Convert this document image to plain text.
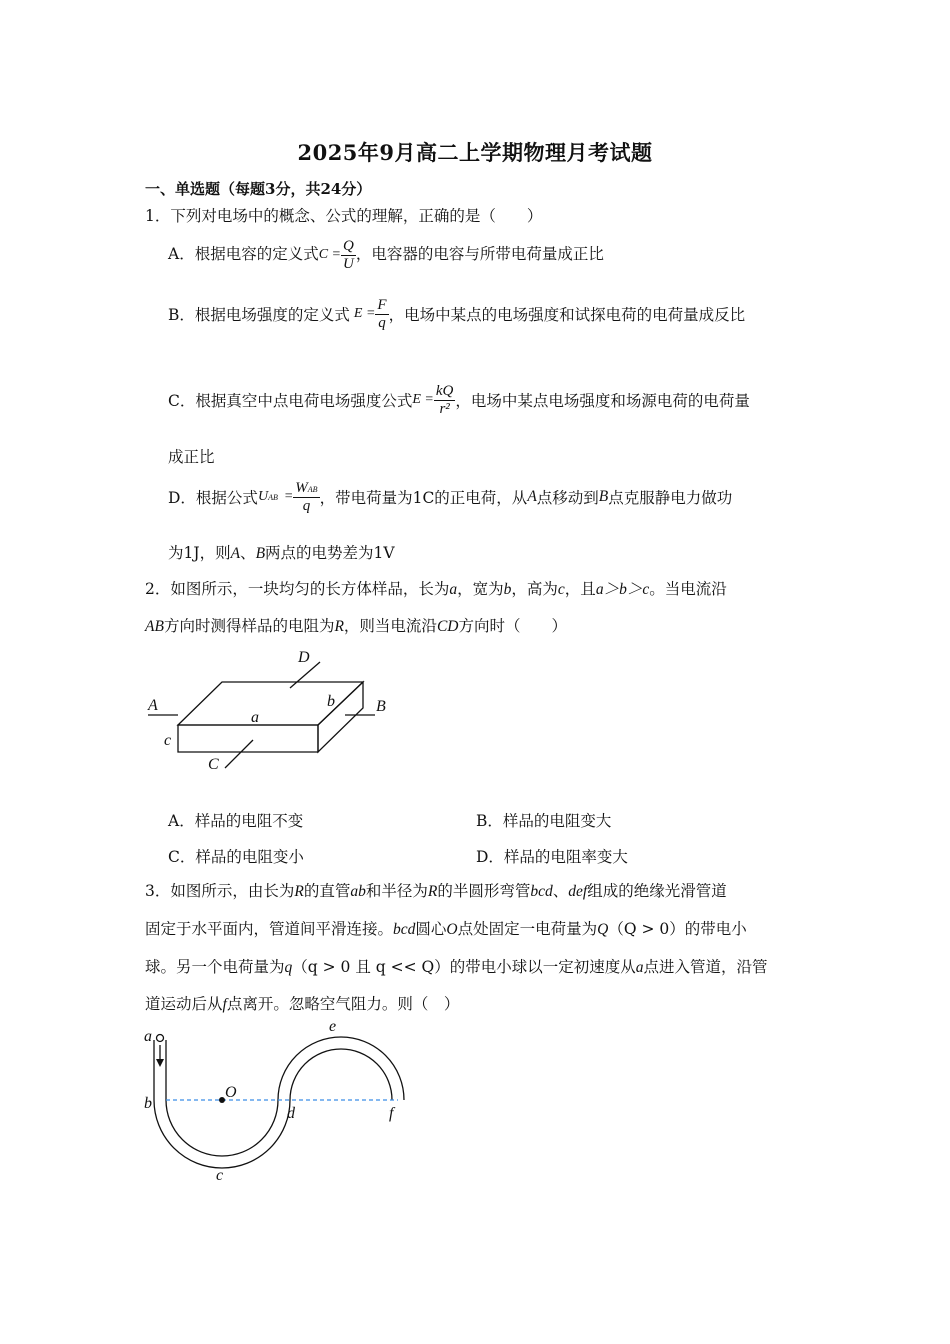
2025年9月高二上学期物理月考试题
一、单选题（每题3分，共24分）
1．下列对电场中的概念、公式的理解，正确的是（　　）
A．根据电容的定义式$C = \frac{Q}{U}$ ，电容器的电容与所带电荷量成正比
B．根据电场强度的定义式 $E = \frac{F}{q}$ ，电场中某点的电场强度和试探电荷的电荷量成反比
C．根据真空中点电荷电场强度公式$E = \frac{kQ}{\text{r²}}$ ，电场中某点电场强度和场源电荷的电荷量
成正比
D．根据公式UAB = $\frac{\text{WAB}}{q}$ ，带电荷量为1C的正电荷，从A点移动到B点克服静电力做功
为1J，则A、B两点的电势差为1V
2．如图所示，一块均匀的长方体样品，长为a，宽为b，高为c，且a＞b＞c。当电流沿
AB方向时测得样品的电阻为R，则当电流沿CD方向时（　　）
D
A	b	B
a
c
C
A．样品的电阻不变	B．样品的电阻变大
C．样品的电阻变小	D．样品的电阻率变大
3．如图所示，由长为R的直管ab和半径为R的半圆形弯管bcd、def组成的绝缘光滑管道
固定于水平面内，管道间平滑连接。bcd圆心O点处固定一电荷量为Q（Q > 0）的带电小
球。另一个电荷量为q（q > 0 且 q << Q）的带电小球以一定初速度从a点进入管道，沿管
道运动后从f点离开。忽略空气阻力。则（　）
a
b
O
d
e
f
c
